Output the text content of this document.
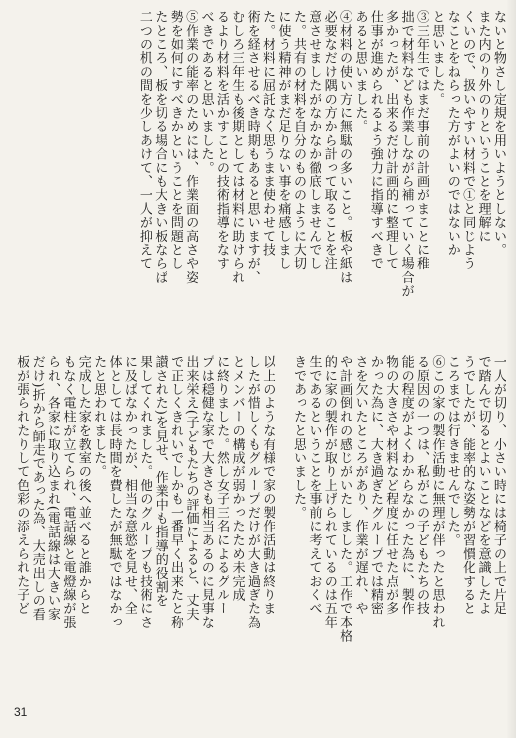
ないと物さし定規を用いようとしない。
また内のり外のりということを理解に
くいので、扱いやすい材料で①と同じよう
なことをねらった方がよいのではないか
と思いました。
③三年生ではまだ事前の計画がまことに稚
拙で材料なども作業しながら補っていく場合が
多かったが、出来るだけ計画的に整理して
仕事が進められるよう強力に指導すべきで
あると思いました。
④材料の使い方に無駄の多いこと。板や紙は
必要なだけ隅の方から計って取ることを注
意させましたがなかなか徹底しませんでし
た。共有の材料を自分のもののように大切
に使う精神がまだ足りない事を痛感しまし
た。材料に屈託なく思うまま使わせて技
術を経させるべき時期もあると思いますが、
むしろ三年生も後期としては材料に助けられ
るより材料を活かすことの技術指導をなす
べきであると思いました。
⑤作業の能率のためには、作業面の高さや姿
勢を如何にすべきかということを問題とし
たところ、板を切る場合にも大きい板ならば
二つの机の間を少しあけて、一人が抑えて
一人が切り、小さい時には椅子の上で片足
で踏んで切るとよいことなどを意識したよ
うでしたが、能率的な姿勢が習慣化すると
ころまでは行きませんでした。
⑥この家の製作活動に無理が伴ったと思われ
る原因の一つは、私がこの子どもたちの技
能の程度がよくわからなかった為に、製作
物の大きさや材料など程度に任せた点が多
かった為に、大き過ぎたグループでは精密
さを欠いたところがあり、作業が遅れ、や
や計画倒れの感じがいたしました。工作で本格
的に家の製作が取り上げられているのは五年
生であるということを事前に考えておくべ
きであったと思いました。
以上のような有様で家の製作活動は終りま
したが惜しくもグループだけが大き過ぎた為
とメンバーの構成が弱かったため未完成
に終りました。然し女子三名によるグルー
プは穏健な家で大きさも相当あるのに見事な
出来栄え(子どもたちの評価によると、丈夫
で正しくきれいでしかも一番早く出来たと称
讃された)を見せ、作業中も指導的役割を
果してくれました。他のグループも技術にさ
に及ばなかったが、相当な意慾を見せ、全
体としては長時間を費したが無駄ではなかっ
たと思われました。
完成した家を教室の後へ並べると誰からと
もなく電柱が立てられ、電話線と電燈線が張
られ、各家に取り込まれ(電話線は大きい家
だけ)折から師走であった為、大売出しの看
板が張られたりして色彩の添えられた子ど
31
